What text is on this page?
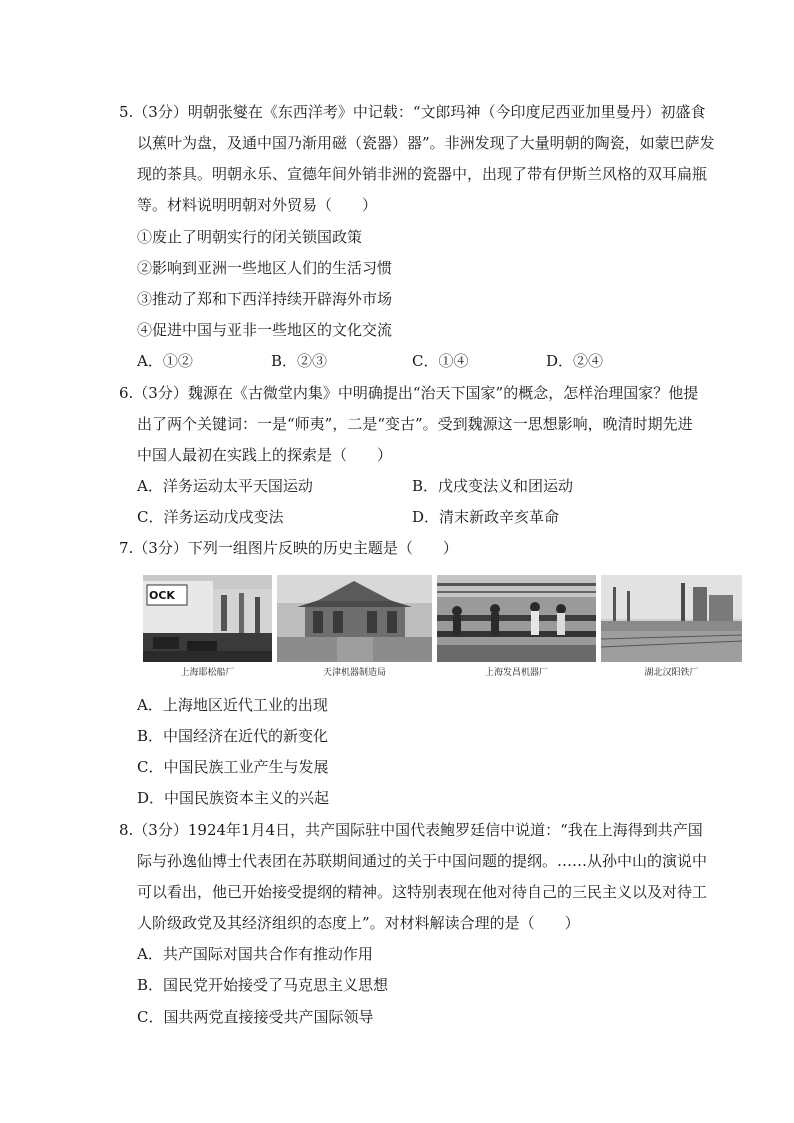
5.（3分）明朝张燮在《东西洋考》中记载：“文郎玛神（今印度尼西亚加里曼丹）初盛食
以蕉叶为盘，及通中国乃渐用磁（瓷器）器”。非洲发现了大量明朝的陶瓷，如蒙巴萨发
现的茶具。明朝永乐、宣德年间外销非洲的瓷器中，出现了带有伊斯兰风格的双耳扁瓶
等。材料说明明朝对外贸易（　　）
①废止了明朝实行的闭关锁国政策
②影响到亚洲一些地区人们的生活习惯
③推动了郑和下西洋持续开辟海外市场
④促进中国与亚非一些地区的文化交流
A．①②	B．②③	C．①④	D．②④
6.（3分）魏源在《古微堂内集》中明确提出“治天下国家”的概念，怎样治理国家？他提
出了两个关键词：一是“师夷”，二是“变古”。受到魏源这一思想影响，晚清时期先进
中国人最初在实践上的探索是（　　）
A．洋务运动太平天国运动	B．戊戌变法义和团运动
C．洋务运动戊戌变法	D．清末新政辛亥革命
7.（3分）下列一组图片反映的历史主题是（　　）
OCK
上海耶松船厂	天津机器制造局	上海发昌机器厂	湖北汉阳铁厂
A．上海地区近代工业的出现
B．中国经济在近代的新变化
C．中国民族工业产生与发展
D．中国民族资本主义的兴起
8.（3分）1924年1月4日，共产国际驻中国代表鲍罗廷信中说道：“我在上海得到共产国
际与孙逸仙博士代表团在苏联期间通过的关于中国问题的提纲。……从孙中山的演说中
可以看出，他已开始接受提纲的精神。这特别表现在他对待自己的三民主义以及对待工
人阶级政党及其经济组织的态度上”。对材料解读合理的是（　　）
A．共产国际对国共合作有推动作用
B．国民党开始接受了马克思主义思想
C．国共两党直接接受共产国际领导
